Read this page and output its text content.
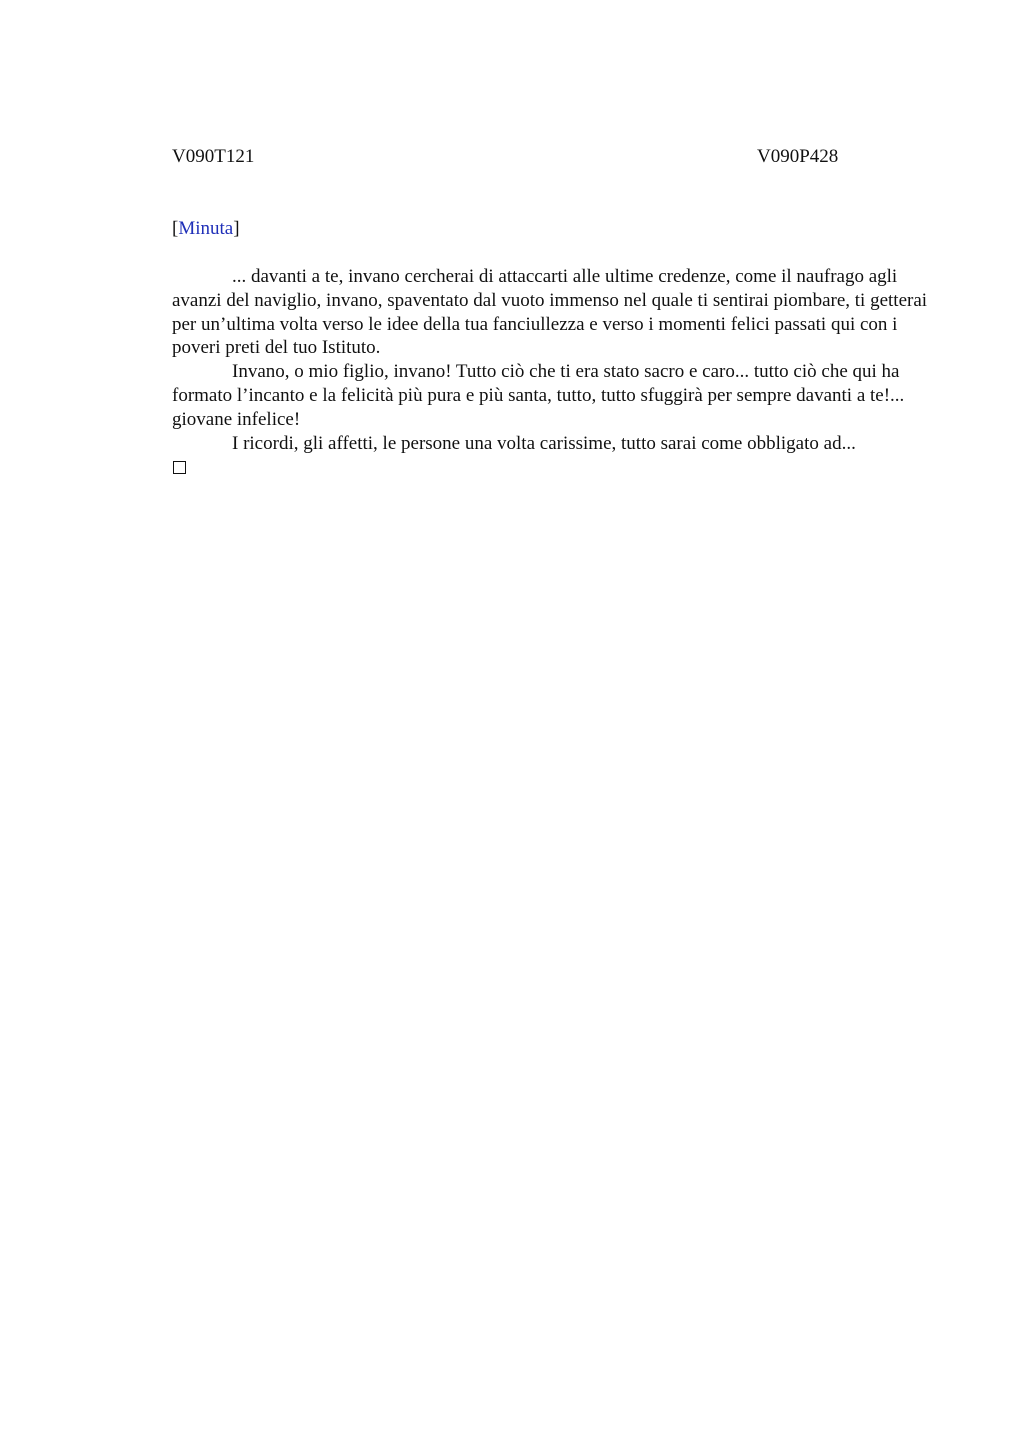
V090T121	V090P428
[Minuta]

... davanti a te, invano cercherai di attaccarti alle ultime credenze, come il naufrago agli avanzi del naviglio, invano, spaventato dal vuoto immenso nel quale ti sentirai piombare, ti getterai per un’ultima volta verso le idee della tua fanciullezza e verso i momenti felici passati qui con i poveri preti del tuo Istituto.

Invano, o mio figlio, invano! Tutto ciò che ti era stato sacro e caro... tutto ciò che qui ha formato l’incanto e la felicità più pura e più santa, tutto, tutto sfuggirà per sempre davanti a te!... giovane infelice!

I ricordi, gli affetti, le persone una volta carissime, tutto sarai come obbligato ad...
